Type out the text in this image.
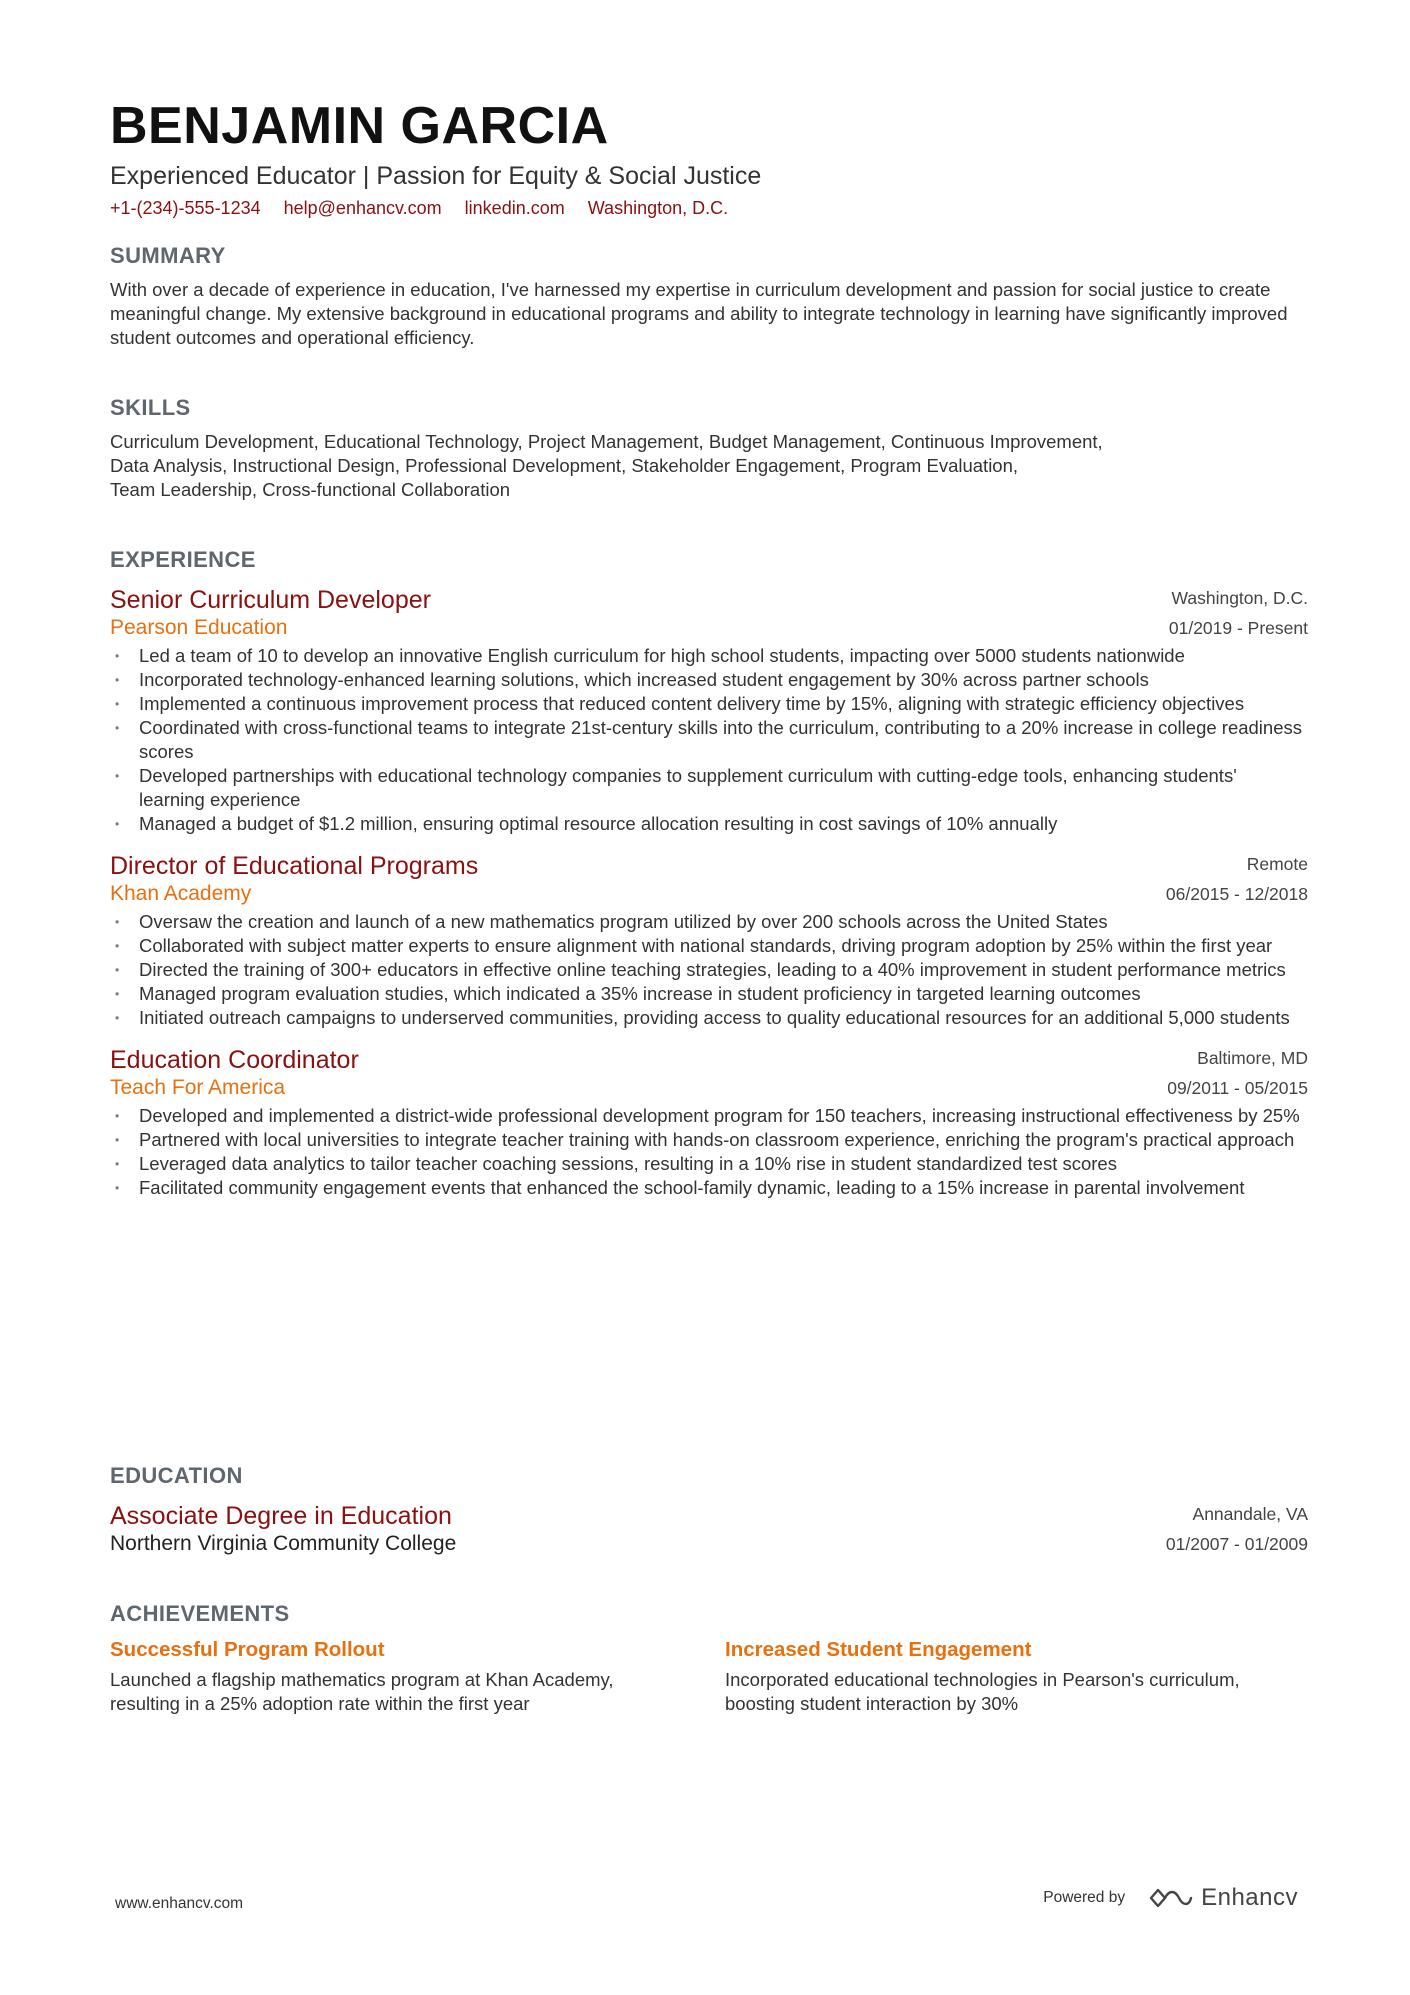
BENJAMIN GARCIA
Experienced Educator | Passion for Equity & Social Justice
+1-(234)-555-1234 help@enhancv.com linkedin.com Washington, D.C.
SUMMARY
With over a decade of experience in education, I've harnessed my expertise in curriculum development and passion for social justice to create meaningful change. My extensive background in educational programs and ability to integrate technology in learning have significantly improved student outcomes and operational efficiency.
SKILLS
Curriculum Development, Educational Technology, Project Management, Budget Management, Continuous Improvement,
Data Analysis, Instructional Design, Professional Development, Stakeholder Engagement, Program Evaluation,
Team Leadership, Cross-functional Collaboration
EXPERIENCE
Senior Curriculum Developer
Pearson Education
Washington, D.C.
01/2019 - Present
• Led a team of 10 to develop an innovative English curriculum for high school students, impacting over 5000 students nationwide
• Incorporated technology-enhanced learning solutions, which increased student engagement by 30% across partner schools
• Implemented a continuous improvement process that reduced content delivery time by 15%, aligning with strategic efficiency objectives
• Coordinated with cross-functional teams to integrate 21st-century skills into the curriculum, contributing to a 20% increase in college readiness scores
• Developed partnerships with educational technology companies to supplement curriculum with cutting-edge tools, enhancing students' learning experience
• Managed a budget of $1.2 million, ensuring optimal resource allocation resulting in cost savings of 10% annually
Director of Educational Programs
Khan Academy
Remote
06/2015 - 12/2018
• Oversaw the creation and launch of a new mathematics program utilized by over 200 schools across the United States
• Collaborated with subject matter experts to ensure alignment with national standards, driving program adoption by 25% within the first year
• Directed the training of 300+ educators in effective online teaching strategies, leading to a 40% improvement in student performance metrics
• Managed program evaluation studies, which indicated a 35% increase in student proficiency in targeted learning outcomes
• Initiated outreach campaigns to underserved communities, providing access to quality educational resources for an additional 5,000 students
Education Coordinator
Teach For America
Baltimore, MD
09/2011 - 05/2015
• Developed and implemented a district-wide professional development program for 150 teachers, increasing instructional effectiveness by 25%
• Partnered with local universities to integrate teacher training with hands-on classroom experience, enriching the program's practical approach
• Leveraged data analytics to tailor teacher coaching sessions, resulting in a 10% rise in student standardized test scores
• Facilitated community engagement events that enhanced the school-family dynamic, leading to a 15% increase in parental involvement
EDUCATION
Associate Degree in Education
Northern Virginia Community College
Annandale, VA
01/2007 - 01/2009
ACHIEVEMENTS
Successful Program Rollout
Launched a flagship mathematics program at Khan Academy, resulting in a 25% adoption rate within the first year
Increased Student Engagement
Incorporated educational technologies in Pearson's curriculum, boosting student interaction by 30%
www.enhancv.com	Powered by	Enhancv
